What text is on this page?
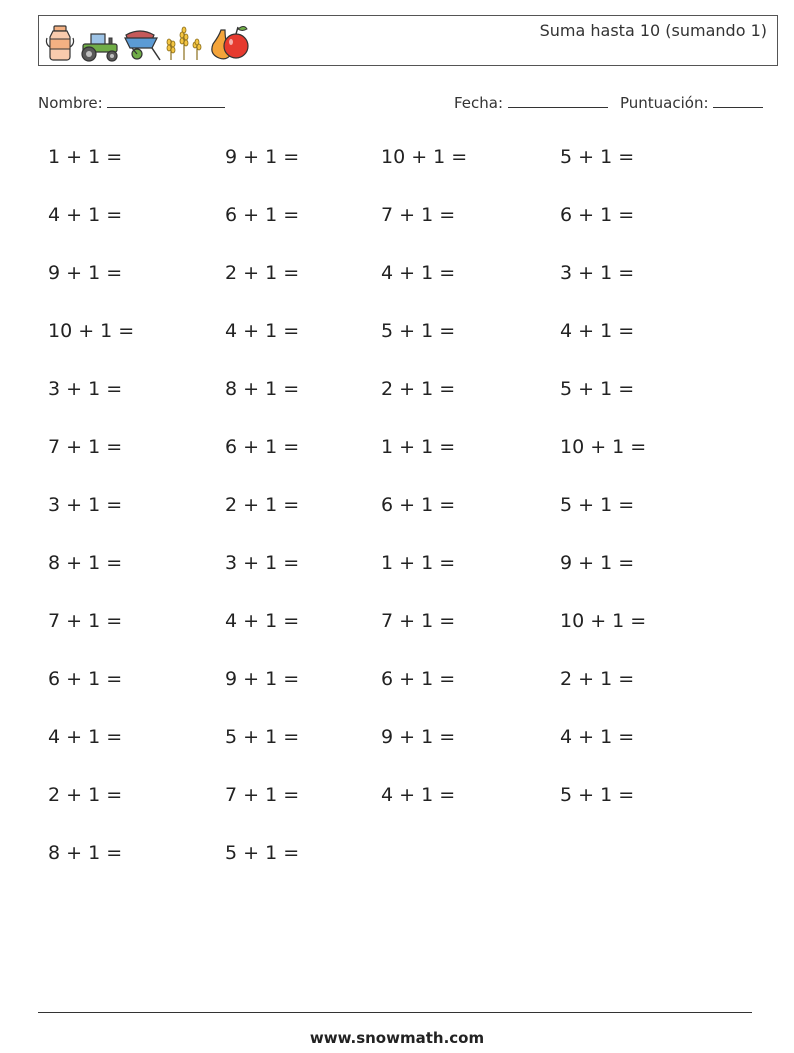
Suma hasta 10 (sumando 1)
Nombre:	Fecha:	Puntuación:
1 + 1 =	9 + 1 =	10 + 1 =	5 + 1 =
4 + 1 =	6 + 1 =	7 + 1 =	6 + 1 =
9 + 1 =	2 + 1 =	4 + 1 =	3 + 1 =
10 + 1 =	4 + 1 =	5 + 1 =	4 + 1 =
3 + 1 =	8 + 1 =	2 + 1 =	5 + 1 =
7 + 1 =	6 + 1 =	1 + 1 =	10 + 1 =
3 + 1 =	2 + 1 =	6 + 1 =	5 + 1 =
8 + 1 =	3 + 1 =	1 + 1 =	9 + 1 =
7 + 1 =	4 + 1 =	7 + 1 =	10 + 1 =
6 + 1 =	9 + 1 =	6 + 1 =	2 + 1 =
4 + 1 =	5 + 1 =	9 + 1 =	4 + 1 =
2 + 1 =	7 + 1 =	4 + 1 =	5 + 1 =
8 + 1 =	5 + 1 =
www.snowmath.com
